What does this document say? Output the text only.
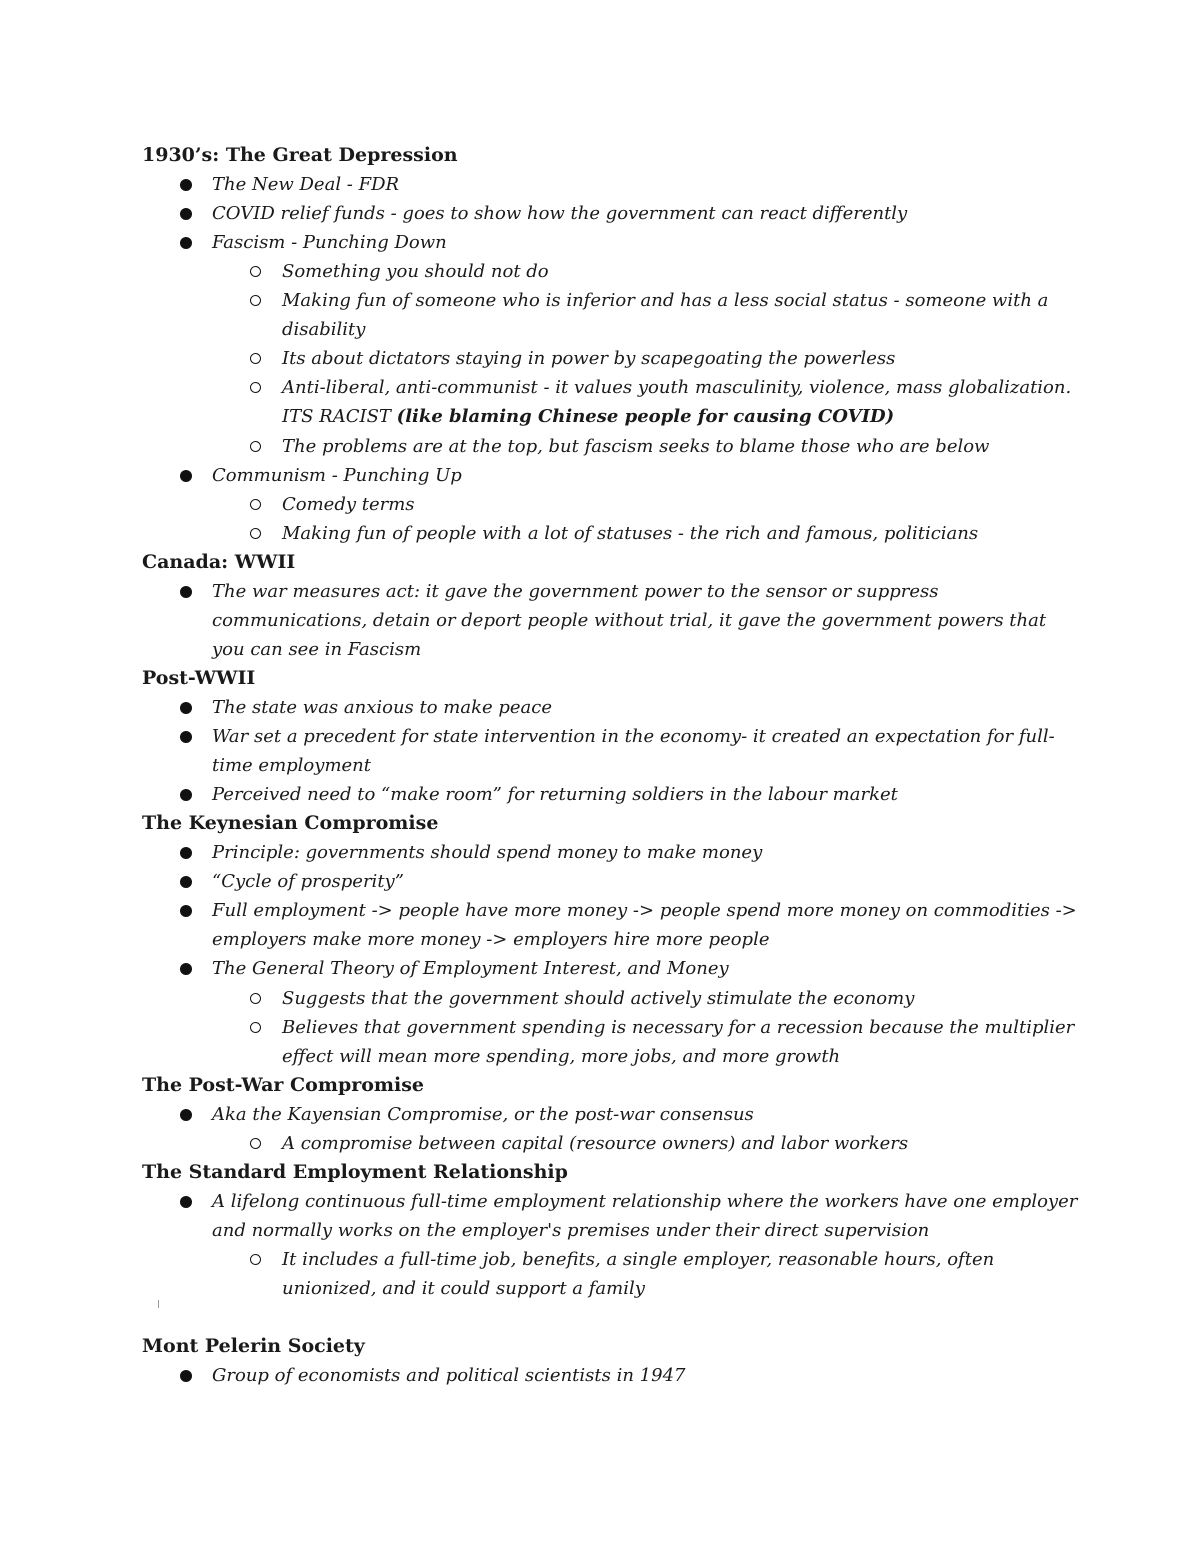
1930’s: The Great Depression
The New Deal - FDR
COVID relief funds - goes to show how the government can react differently
Fascism - Punching Down
Something you should not do
Making fun of someone who is inferior and has a less social status - someone with a
disability
Its about dictators staying in power by scapegoating the powerless
Anti-liberal, anti-communist - it values youth masculinity, violence, mass globalization.
ITS RACIST (like blaming Chinese people for causing COVID)
The problems are at the top, but fascism seeks to blame those who are below
Communism - Punching Up
Comedy terms
Making fun of people with a lot of statuses - the rich and famous, politicians
Canada: WWII
The war measures act: it gave the government power to the sensor or suppress
communications, detain or deport people without trial, it gave the government powers that
you can see in Fascism
Post-WWII
The state was anxious to make peace
War set a precedent for state intervention in the economy- it created an expectation for full-
time employment
Perceived need to “make room” for returning soldiers in the labour market
The Keynesian Compromise
Principle: governments should spend money to make money
“Cycle of prosperity”
Full employment -> people have more money -> people spend more money on commodities ->
employers make more money -> employers hire more people
The General Theory of Employment Interest, and Money
Suggests that the government should actively stimulate the economy
Believes that government spending is necessary for a recession because the multiplier
effect will mean more spending, more jobs, and more growth
The Post-War Compromise
Aka the Kayensian Compromise, or the post-war consensus
A compromise between capital (resource owners) and labor workers
The Standard Employment Relationship
A lifelong continuous full-time employment relationship where the workers have one employer
and normally works on the employer's premises under their direct supervision
It includes a full-time job, benefits, a single employer, reasonable hours, often
unionized, and it could support a family
Mont Pelerin Society
Group of economists and political scientists in 1947
